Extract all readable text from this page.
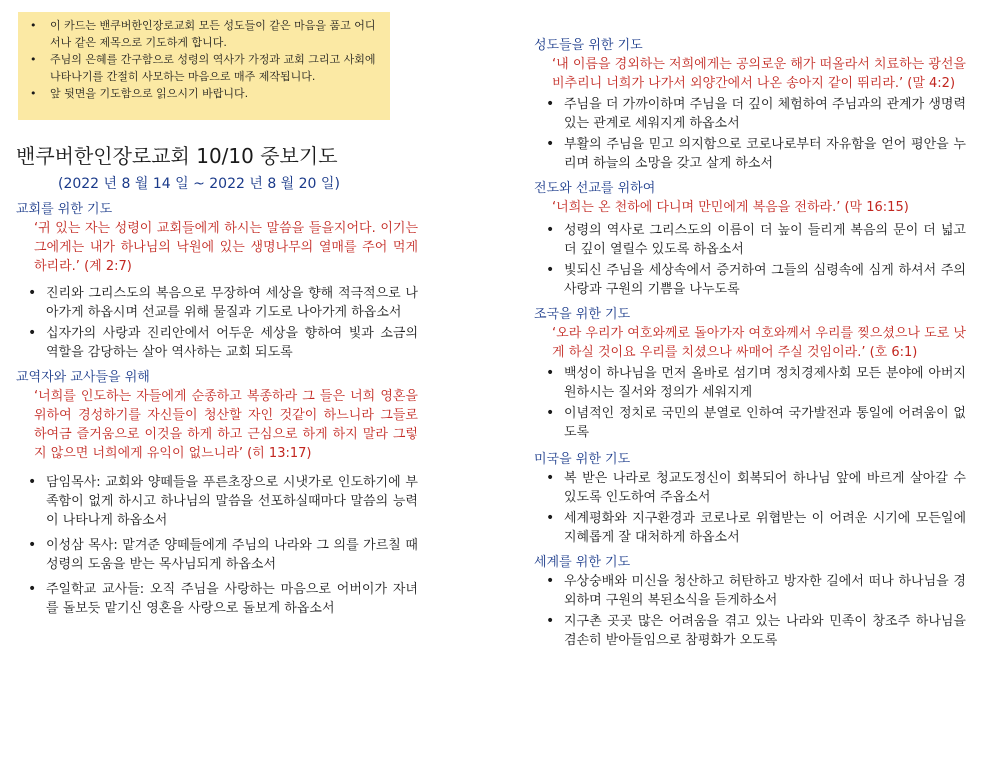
• 이 카드는 밴쿠버한인장로교회 모든 성도들이 같은 마음을 품고 어디서나 같은 제목으로 기도하게 합니다.
• 주님의 은혜를 간구함으로 성령의 역사가 가정과 교회 그리고 사회에 나타나기를 간절히 사모하는 마음으로 매주 제작됩니다.
• 앞 뒷면을 기도함으로 읽으시기 바랍니다.
밴쿠버한인장로교회 10/10 중보기도
(2022 년 8 월 14 일 ~ 2022 년 8 월 20 일)
교회를 위한 기도
‘귀 있는 자는 성령이 교회들에게 하시는 말씀을 들을지어다. 이기는 그에게는 내가 하나님의 낙원에 있는 생명나무의 열매를 주어 먹게 하리라.’ (계 2:7)
• 진리와 그리스도의 복음으로 무장하여 세상을 향해 적극적으로 나아가게 하옵시며 선교를 위해 물질과 기도로 나아가게 하옵소서
• 십자가의 사랑과 진리안에서 어두운 세상을 향하여 빛과 소금의 역할을 감당하는 살아 역사하는 교회 되도록
교역자와 교사들을 위해
‘너희를 인도하는 자들에게 순종하고 복종하라 그 들은 너희 영혼을 위하여 경성하기를 자신들이 청산할 자인 것같이 하느니라 그들로 하여금 즐거움으로 이것을 하게 하고 근심으로 하게 하지 말라 그렇지 않으면 너희에게 유익이 없느니라’ (히 13:17)
• 담임목사: 교회와 양떼들을 푸른초장으로 시냇가로 인도하기에 부족함이 없게 하시고 하나님의 말씀을 선포하실때마다 말씀의 능력이 나타나게 하옵소서
• 이성삼 목사: 맡겨준 양떼들에게 주님의 나라와 그 의를 가르칠 때 성령의 도움을 받는 목사님되게 하옵소서
• 주일학교 교사들: 오직 주님을 사랑하는 마음으로 어버이가 자녀를 돌보듯 맡기신 영혼을 사랑으로 돌보게 하옵소서
성도들을 위한 기도
‘내 이름을 경외하는 저희에게는 공의로운 해가 떠올라서 치료하는 광선을 비추리니 너희가 나가서 외양간에서 나온 송아지 같이 뛰리라.’ (말 4:2)
• 주님을 더 가까이하며 주님을 더 깊이 체험하여 주님과의 관계가 생명력있는 관계로 세워지게 하옵소서
• 부활의 주님을 믿고 의지함으로 코로나로부터 자유함을 얻어 평안을 누리며 하늘의 소망을 갖고 살게 하소서
전도와 선교를 위하여
‘너희는 온 천하에 다니며 만민에게 복음을 전하라.’ (막 16:15)
• 성령의 역사로 그리스도의 이름이 더 높이 들리게 복음의 문이 더 넓고 더 깊이 열릴수 있도록 하옵소서
• 빛되신 주님을 세상속에서 증거하여 그들의 심령속에 심게 하셔서 주의 사랑과 구원의 기쁨을 나누도록
조국을 위한 기도
‘오라 우리가 여호와께로 돌아가자 여호와께서 우리를 찢으셨으나 도로 낫게 하실 것이요 우리를 치셨으나 싸매어 주실 것임이라.’ (호 6:1)
• 백성이 하나님을 먼저 올바로 섬기며 정치경제사회 모든 분야에 아버지 원하시는 질서와 정의가 세워지게
• 이념적인 정치로 국민의 분열로 인하여 국가발전과 통일에 어려움이 없도록
미국을 위한 기도
• 복 받은 나라로 청교도정신이 회복되어 하나님 앞에 바르게 살아갈 수 있도록 인도하여 주옵소서
• 세계평화와 지구환경과 코로나로 위협받는 이 어려운 시기에 모든일에 지혜롭게 잘 대처하게 하옵소서
세계를 위한 기도
• 우상숭배와 미신을 청산하고 허탄하고 방자한 길에서 떠나 하나님을 경외하며 구원의 복된소식을 듣게하소서
• 지구촌 곳곳 많은 어려움을 겪고 있는 나라와 민족이 창조주 하나님을 겸손히 받아들임으로 참평화가 오도록
